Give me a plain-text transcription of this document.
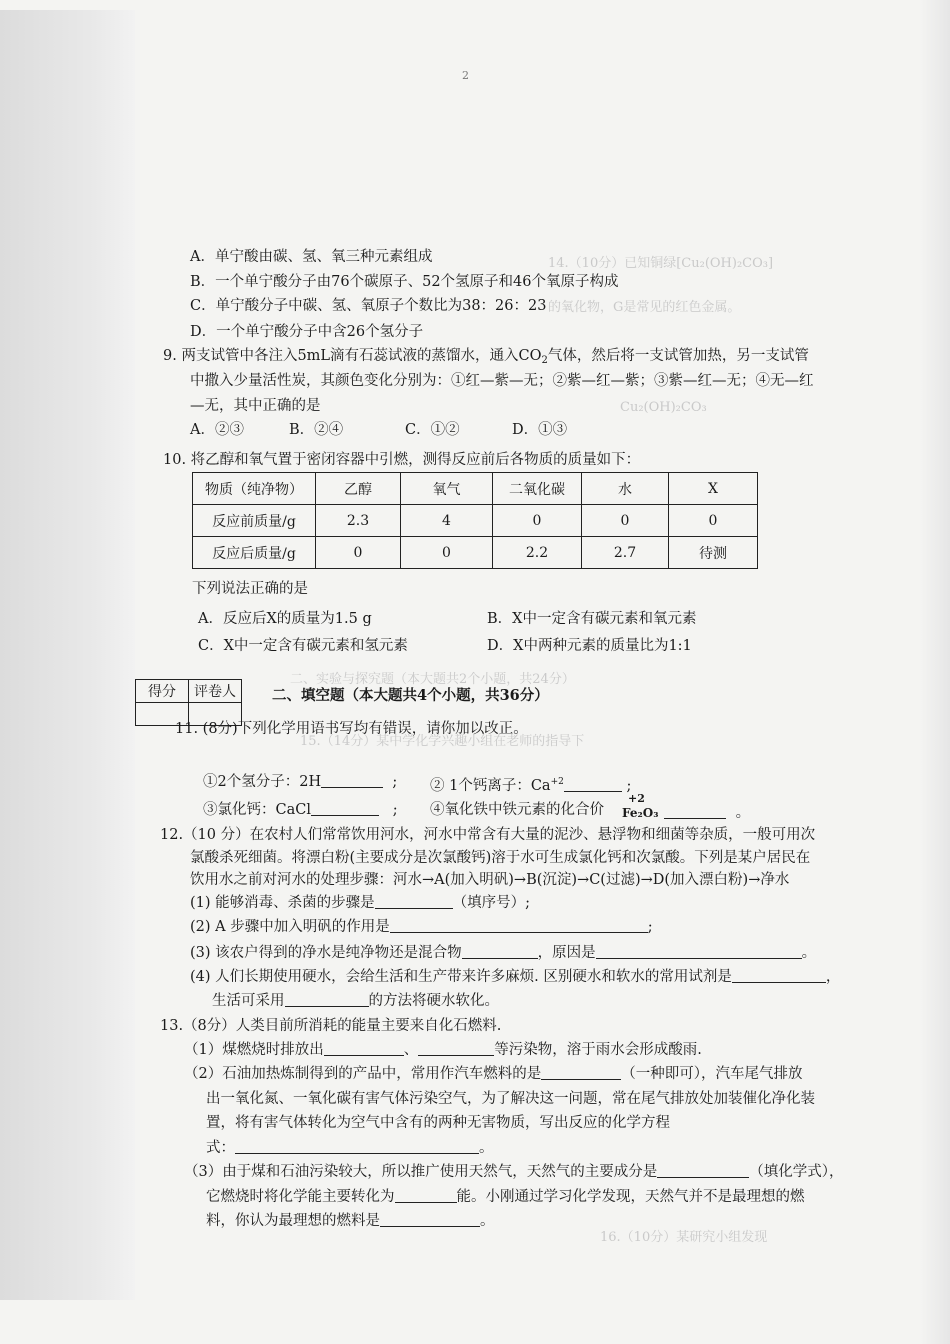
2
14.（10分）已知铜绿[Cu₂(OH)₂CO₃]
的氧化物，G是常见的红色金属。
Cu₂(OH)₂CO₃
二、实验与探究题（本大题共2个小题，共24分）
15.（14分）某中学化学兴趣小组在老师的指导下
16.（10分）某研究小组发现
A．单宁酸由碳、氢、氧三种元素组成
B．一个单宁酸分子由76个碳原子、52个氢原子和46个氧原子构成
C．单宁酸分子中碳、氢、氧原子个数比为38：26：23
D．一个单宁酸分子中含26个氢分子
9. 两支试管中各注入5mL滴有石蕊试液的蒸馏水，通入$CO_2$气体，然后将一支试管加热，另一支试管
中撒入少量活性炭，其颜色变化分别为：①红—紫—无；②紫—红—紫；③紫—红—无；④无—红
—无，其中正确的是
A．②③	B．②④	C．①②	D．①③
10. 将乙醇和氧气置于密闭容器中引燃，测得反应前后各物质的质量如下：
物质（纯净物）	乙醇	氧气	二氧化碳	水	X
反应前质量/g	2.3	4	0	0	0
反应后质量/g	0	0	2.2	2.7	待测
下列说法正确的是
A．反应后X的质量为1.5 g	B．X中一定含有碳元素和氧元素
C．X中一定含有碳元素和氢元素	D．X中两种元素的质量比为1:1
得分	评卷人
	二、填空题（本大题共4个小题，共36分）
11. (8分)下列化学用语书写均有错误，请你加以改正。
①2个氢分子：2H	; ② 1个钙离子：$Ca^{+2}$	;
③氯化钙：CaCl	; ④氧化铁中铁元素的化合价
+2
Fe₂O₃	。
12.（10 分）在农村人们常常饮用河水，河水中常含有大量的泥沙、悬浮物和细菌等杂质，一般可用次
氯酸杀死细菌。将漂白粉(主要成分是次氯酸钙)溶于水可生成氯化钙和次氯酸。下列是某户居民在
饮用水之前对河水的处理步骤：河水→A(加入明矾)→B(沉淀)→C(过滤)→D(加入漂白粉)→净水
(1) 能够消毒、杀菌的步骤是	（填序号）;
(2) A 步骤中加入明矾的作用是	;
(3) 该农户得到的净水是纯净物还是混合物	，原因是	。
(4) 人们长期使用硬水，会给生活和生产带来许多麻烦. 区别硬水和软水的常用试剂是	，
生活可采用	的方法将硬水软化。
13.（8分）人类目前所消耗的能量主要来自化石燃料.
（1）煤燃烧时排放出	、	等污染物，溶于雨水会形成酸雨.
（2）石油加热炼制得到的产品中，常用作汽车燃料的是	（一种即可），汽车尾气排放
出一氧化氮、一氧化碳有害气体污染空气，为了解决这一问题，常在尾气排放处加装催化净化装
置，将有害气体转化为空气中含有的两种无害物质，写出反应的化学方程
式：	。
（3）由于煤和石油污染较大，所以推广使用天然气，天然气的主要成分是	（填化学式），
它燃烧时将化学能主要转化为	能。小刚通过学习化学发现，天然气并不是最理想的燃
料，你认为最理想的燃料是	。
